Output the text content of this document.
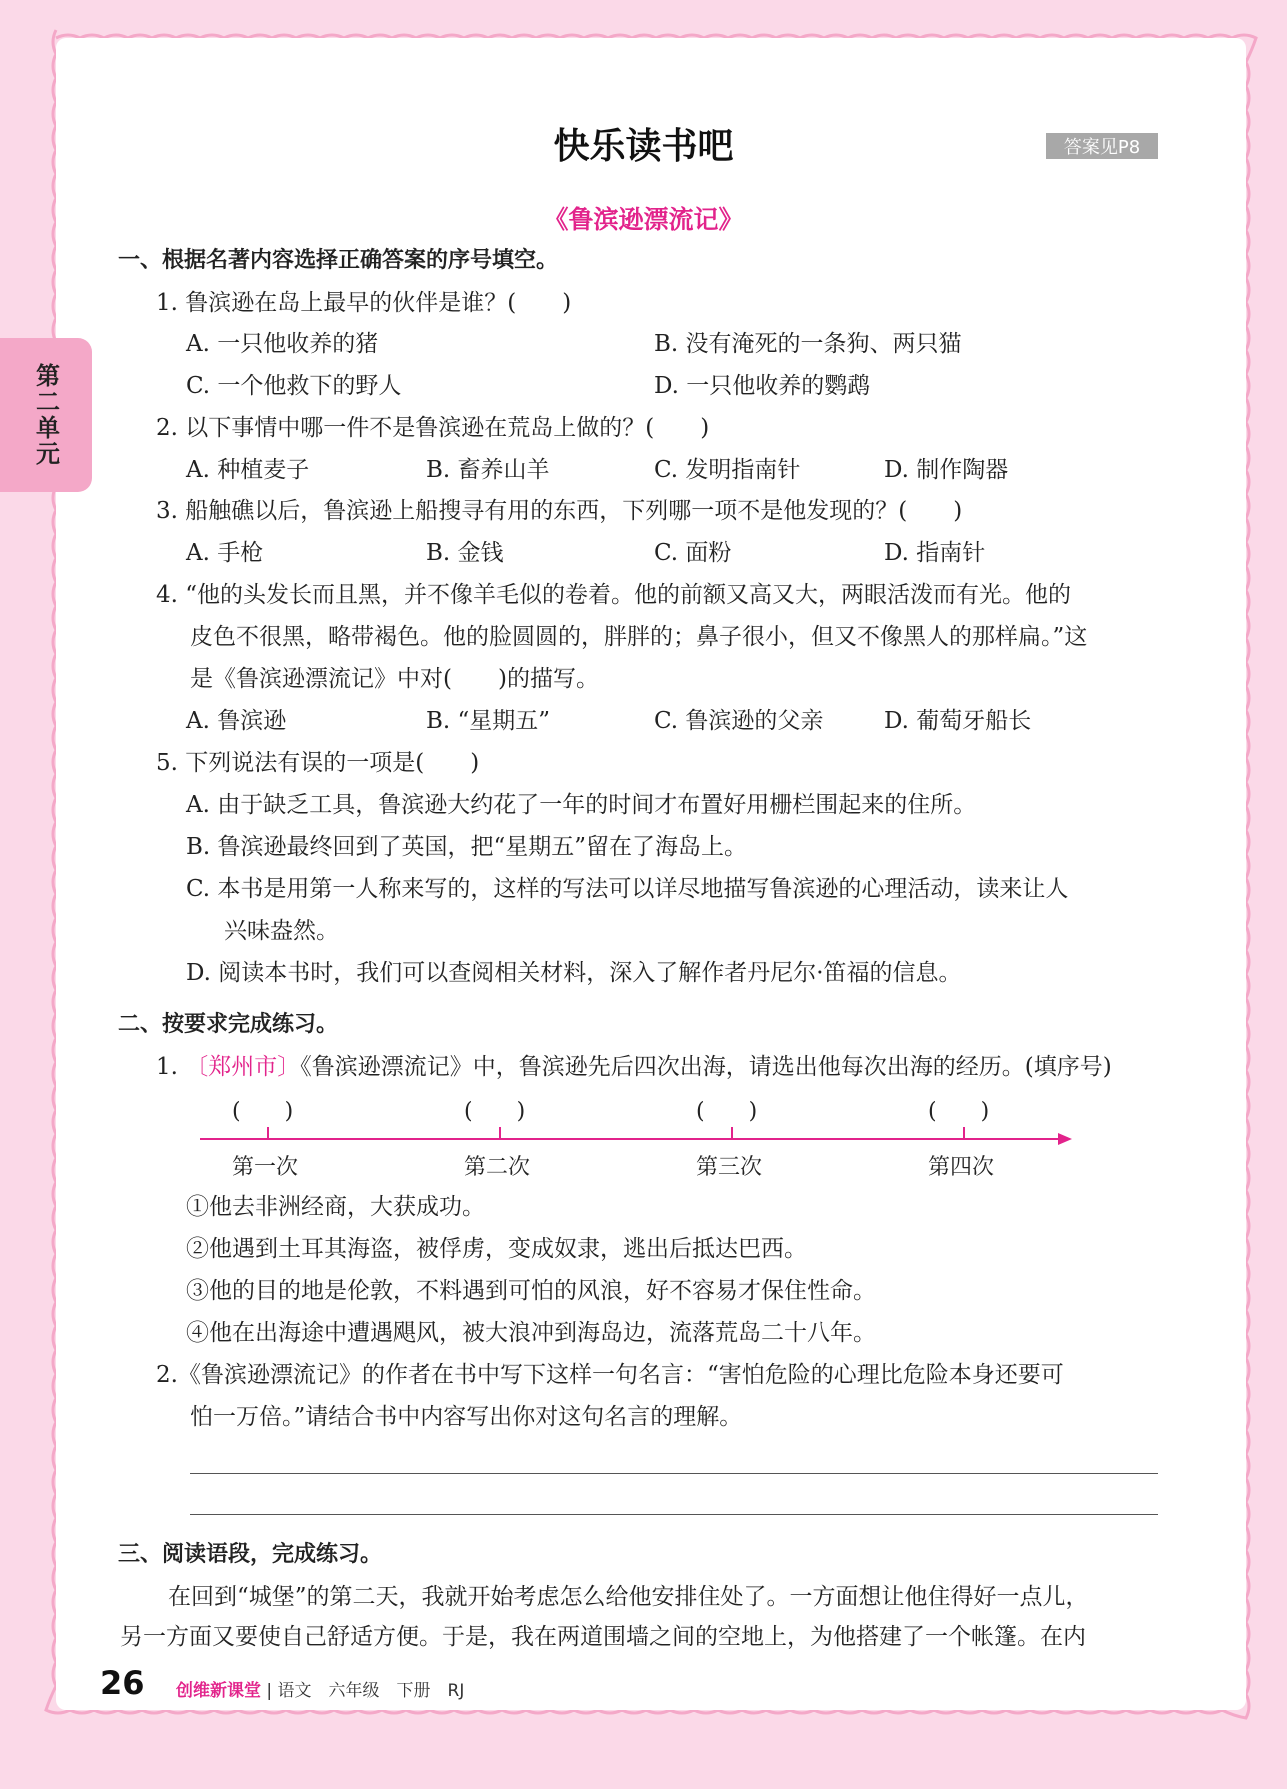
第二单元
快乐读书吧	答案见P8
《鲁滨逊漂流记》
一、根据名著内容选择正确答案的序号填空。
1. 鲁滨逊在岛上最早的伙伴是谁？(　　)
A. 一只他收养的猪	B. 没有淹死的一条狗、两只猫
C. 一个他救下的野人	D. 一只他收养的鹦鹉
2. 以下事情中哪一件不是鲁滨逊在荒岛上做的？(　　)
A. 种植麦子	B. 畜养山羊	C. 发明指南针	D. 制作陶器
3. 船触礁以后，鲁滨逊上船搜寻有用的东西，下列哪一项不是他发现的？(　　)
A. 手枪	B. 金钱	C. 面粉	D. 指南针
4. “他的头发长而且黑，并不像羊毛似的卷着。他的前额又高又大，两眼活泼而有光。他的
皮色不很黑，略带褐色。他的脸圆圆的，胖胖的；鼻子很小，但又不像黑人的那样扁。”这
是《鲁滨逊漂流记》中对(　　)的描写。
A. 鲁滨逊	B. “星期五”	C. 鲁滨逊的父亲	D. 葡萄牙船长
5. 下列说法有误的一项是(　　)
A. 由于缺乏工具，鲁滨逊大约花了一年的时间才布置好用栅栏围起来的住所。
B. 鲁滨逊最终回到了英国，把“星期五”留在了海岛上。
C. 本书是用第一人称来写的，这样的写法可以详尽地描写鲁滨逊的心理活动，读来让人
兴味盎然。
D. 阅读本书时，我们可以查阅相关材料，深入了解作者丹尼尔·笛福的信息。
二、按要求完成练习。
1. 〔郑州市〕《鲁滨逊漂流记》中，鲁滨逊先后四次出海，请选出他每次出海的经历。(填序号)
(　　)	(　　)	(　　)	(　　)
第一次	第二次	第三次	第四次
①他去非洲经商，大获成功。
②他遇到土耳其海盗，被俘虏，变成奴隶，逃出后抵达巴西。
③他的目的地是伦敦，不料遇到可怕的风浪，好不容易才保住性命。
④他在出海途中遭遇飓风，被大浪冲到海岛边，流落荒岛二十八年。
2.《鲁滨逊漂流记》的作者在书中写下这样一句名言：“害怕危险的心理比危险本身还要可
怕一万倍。”请结合书中内容写出你对这句名言的理解。
三、阅读语段，完成练习。
在回到“城堡”的第二天，我就开始考虑怎么给他安排住处了。一方面想让他住得好一点儿，
另一方面又要使自己舒适方便。于是，我在两道围墙之间的空地上，为他搭建了一个帐篷。在内
26 创维新课堂 | 语文　六年级　下册　RJ
